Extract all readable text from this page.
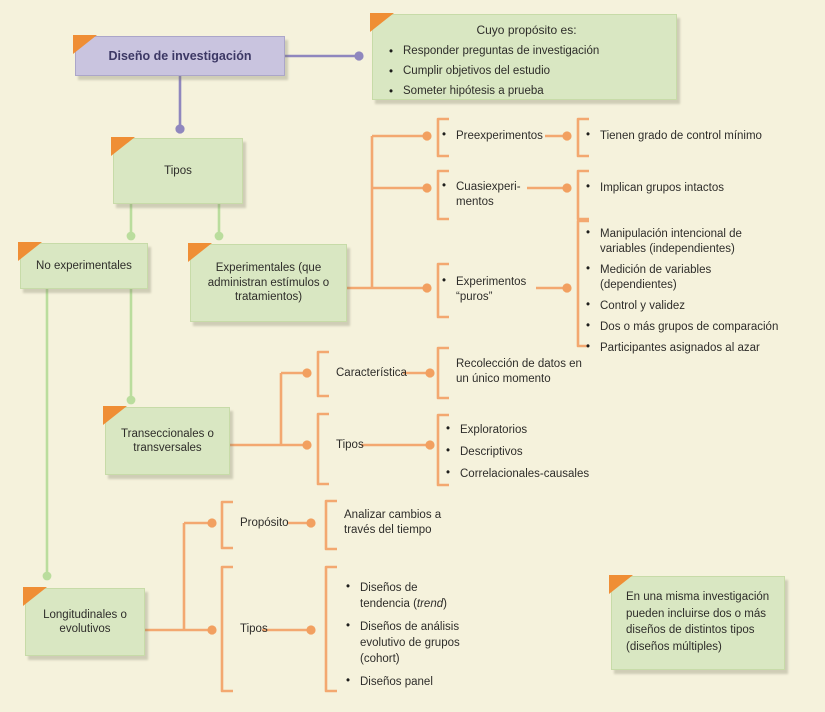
Diseño de investigación
Cuyo propósito es:
• Responder preguntas de investigación
• Cumplir objetivos del estudio
• Someter hipótesis a prueba
Tipos
No experimentales	Experimentales (que administran estímulos o tratamientos)
Transeccionales o transversales
Longitudinales o evolutivos
En una misma investigación pueden incluirse dos o más diseños de distintos tipos (diseños múltiples)
• Preexperimentos	• Tienen grado de control mínimo
• Cuasiexperi-
mentos
• Implican grupos intactos
• Experimentos
“puros”
• Manipulación intencional de variables (independientes)
• Medición de variables (dependientes)
• Control y validez
• Dos o más grupos de comparación
• Participantes asignados al azar
Característica
Recolección de datos en un único momento
Tipos
• Exploratorios
• Descriptivos
• Correlacionales-causales
Propósito
Analizar cambios a través del tiempo
Tipos
• Diseños de tendencia (trend)
• Diseños de análisis evolutivo de grupos (cohort)
• Diseños panel
